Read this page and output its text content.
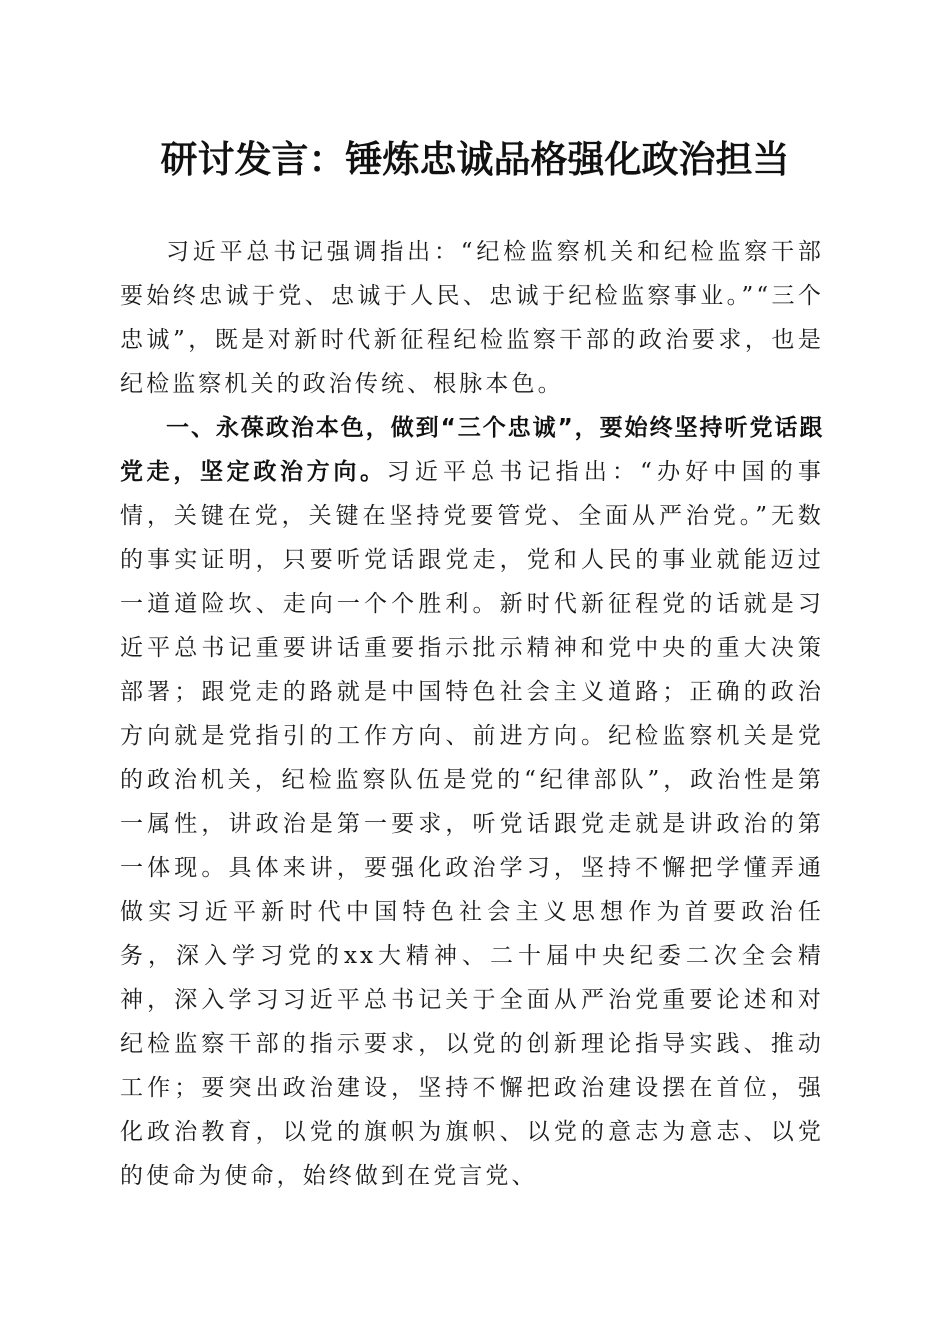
研讨发言：锤炼忠诚品格强化政治担当

习近平总书记强调指出：“纪检监察机关和纪检监察干部要始终忠诚于党、忠诚于人民、忠诚于纪检监察事业。”“三个忠诚”，既是对新时代新征程纪检监察干部的政治要求，也是纪检监察机关的政治传统、根脉本色。

一、永葆政治本色，做到“三个忠诚”，要始终坚持听党话跟党走，坚定政治方向。习近平总书记指出：“办好中国的事情，关键在党，关键在坚持党要管党、全面从严治党。”无数的事实证明，只要听党话跟党走，党和人民的事业就能迈过一道道险坎、走向一个个胜利。新时代新征程党的话就是习近平总书记重要讲话重要指示批示精神和党中央的重大决策部署；跟党走的路就是中国特色社会主义道路；正确的政治方向就是党指引的工作方向、前进方向。纪检监察机关是党的政治机关，纪检监察队伍是党的“纪律部队”，政治性是第一属性，讲政治是第一要求，听党话跟党走就是讲政治的第一体现。具体来讲，要强化政治学习，坚持不懈把学懂弄通做实习近平新时代中国特色社会主义思想作为首要政治任务，深入学习党的xx大精神、二十届中央纪委二次全会精神，深入学习习近平总书记关于全面从严治党重要论述和对纪检监察干部的指示要求，以党的创新理论指导实践、推动工作；要突出政治建设，坚持不懈把政治建设摆在首位，强化政治教育，以党的旗帜为旗帜、以党的意志为意志、以党的使命为使命，始终做到在党言党、
